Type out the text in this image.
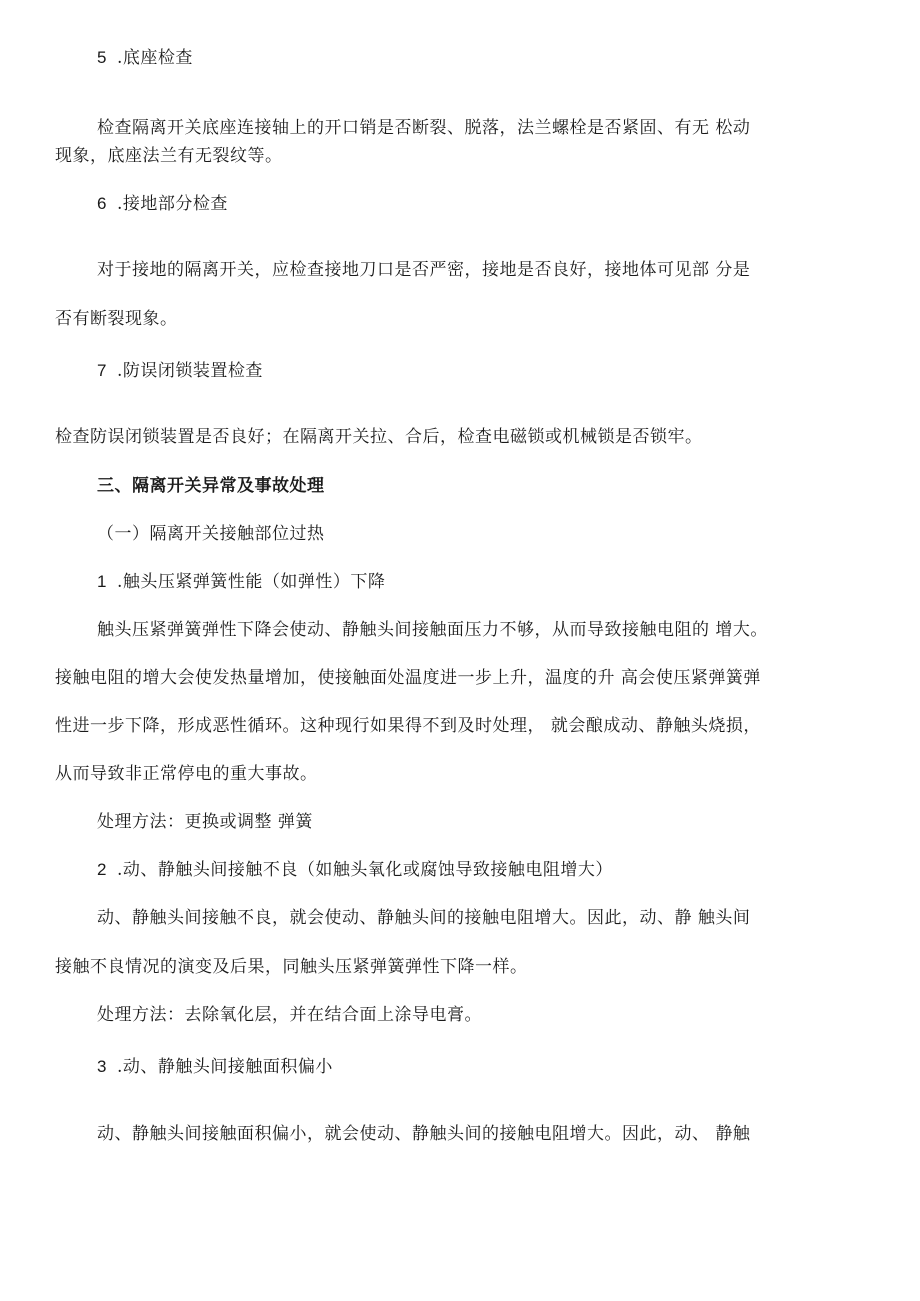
5 .底座检查
检查隔离开关底座连接轴上的开口销是否断裂、脱落，法兰螺栓是否紧固、有无 松动
现象，底座法兰有无裂纹等。
6 .接地部分检查
对于接地的隔离开关，应检查接地刀口是否严密，接地是否良好，接地体可见部 分是
否有断裂现象。
7 .防误闭锁装置检查
检查防误闭锁装置是否良好；在隔离开关拉、合后，检查电磁锁或机械锁是否锁牢。
三、隔离开关异常及事故处理
（一）隔离开关接触部位过热
1 .触头压紧弹簧性能（如弹性）下降
触头压紧弹簧弹性下降会使动、静触头间接触面压力不够，从而导致接触电阻的 增大。
接触电阻的增大会使发热量增加，使接触面处温度进一步上升，温度的升 高会使压紧弹簧弹
性进一步下降，形成恶性循环。这种现行如果得不到及时处理， 就会酿成动、静触头烧损，
从而导致非正常停电的重大事故。
处理方法：更换或调整 弹簧
2 .动、静触头间接触不良（如触头氧化或腐蚀导致接触电阻增大）
动、静触头间接触不良，就会使动、静触头间的接触电阻增大。因此，动、静 触头间
接触不良情况的演变及后果，同触头压紧弹簧弹性下降一样。
处理方法：去除氧化层，并在结合面上涂导电膏。
3 .动、静触头间接触面积偏小
动、静触头间接触面积偏小，就会使动、静触头间的接触电阻增大。因此，动、 静触
